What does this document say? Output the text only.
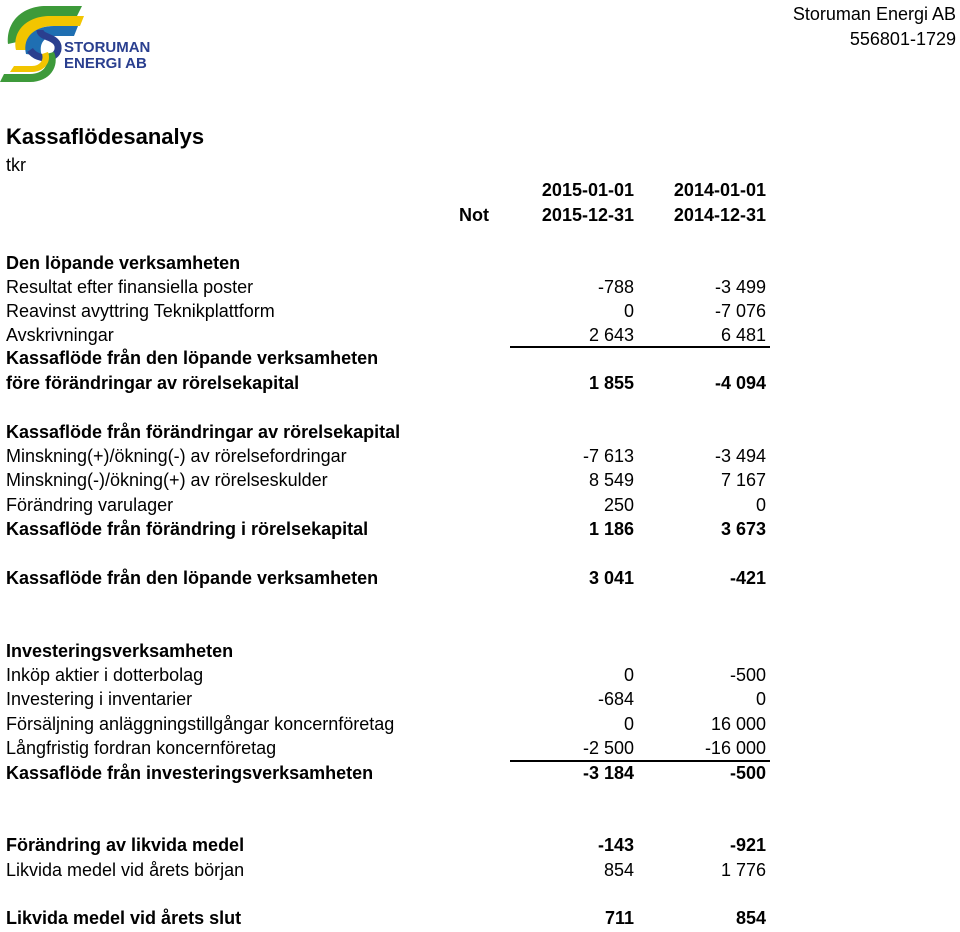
STORUMAN
ENERGI AB
Storuman Energi AB
556801-1729
Kassaflödesanalys
tkr
2015-01-01 2014-01-01
Not	2015-12-31 2014-12-31
Den löpande verksamheten
Resultat efter finansiella poster	-788	-3 499
Reavinst avyttring Teknikplattform	0	-7 076
Avskrivningar	2 643	6 481
Kassaflöde från den löpande verksamheten
före förändringar av rörelsekapital	1 855	-4 094
Kassaflöde från förändringar av rörelsekapital
Minskning(+)/ökning(-) av rörelsefordringar	-7 613	-3 494
Minskning(-)/ökning(+) av rörelseskulder	8 549	7 167
Förändring varulager	250	0
Kassaflöde från förändring i rörelsekapital	1 186	3 673
Kassaflöde från den löpande verksamheten	3 041	-421
Investeringsverksamheten
Inköp aktier i dotterbolag	0	-500
Investering i inventarier	-684	0
Försäljning anläggningstillgångar koncernföretag	0	16 000
Långfristig fordran koncernföretag	-2 500	-16 000
Kassaflöde från investeringsverksamheten	-3 184	-500
Förändring av likvida medel	-143	-921
Likvida medel vid årets början	854	1 776
Likvida medel vid årets slut	711	854
